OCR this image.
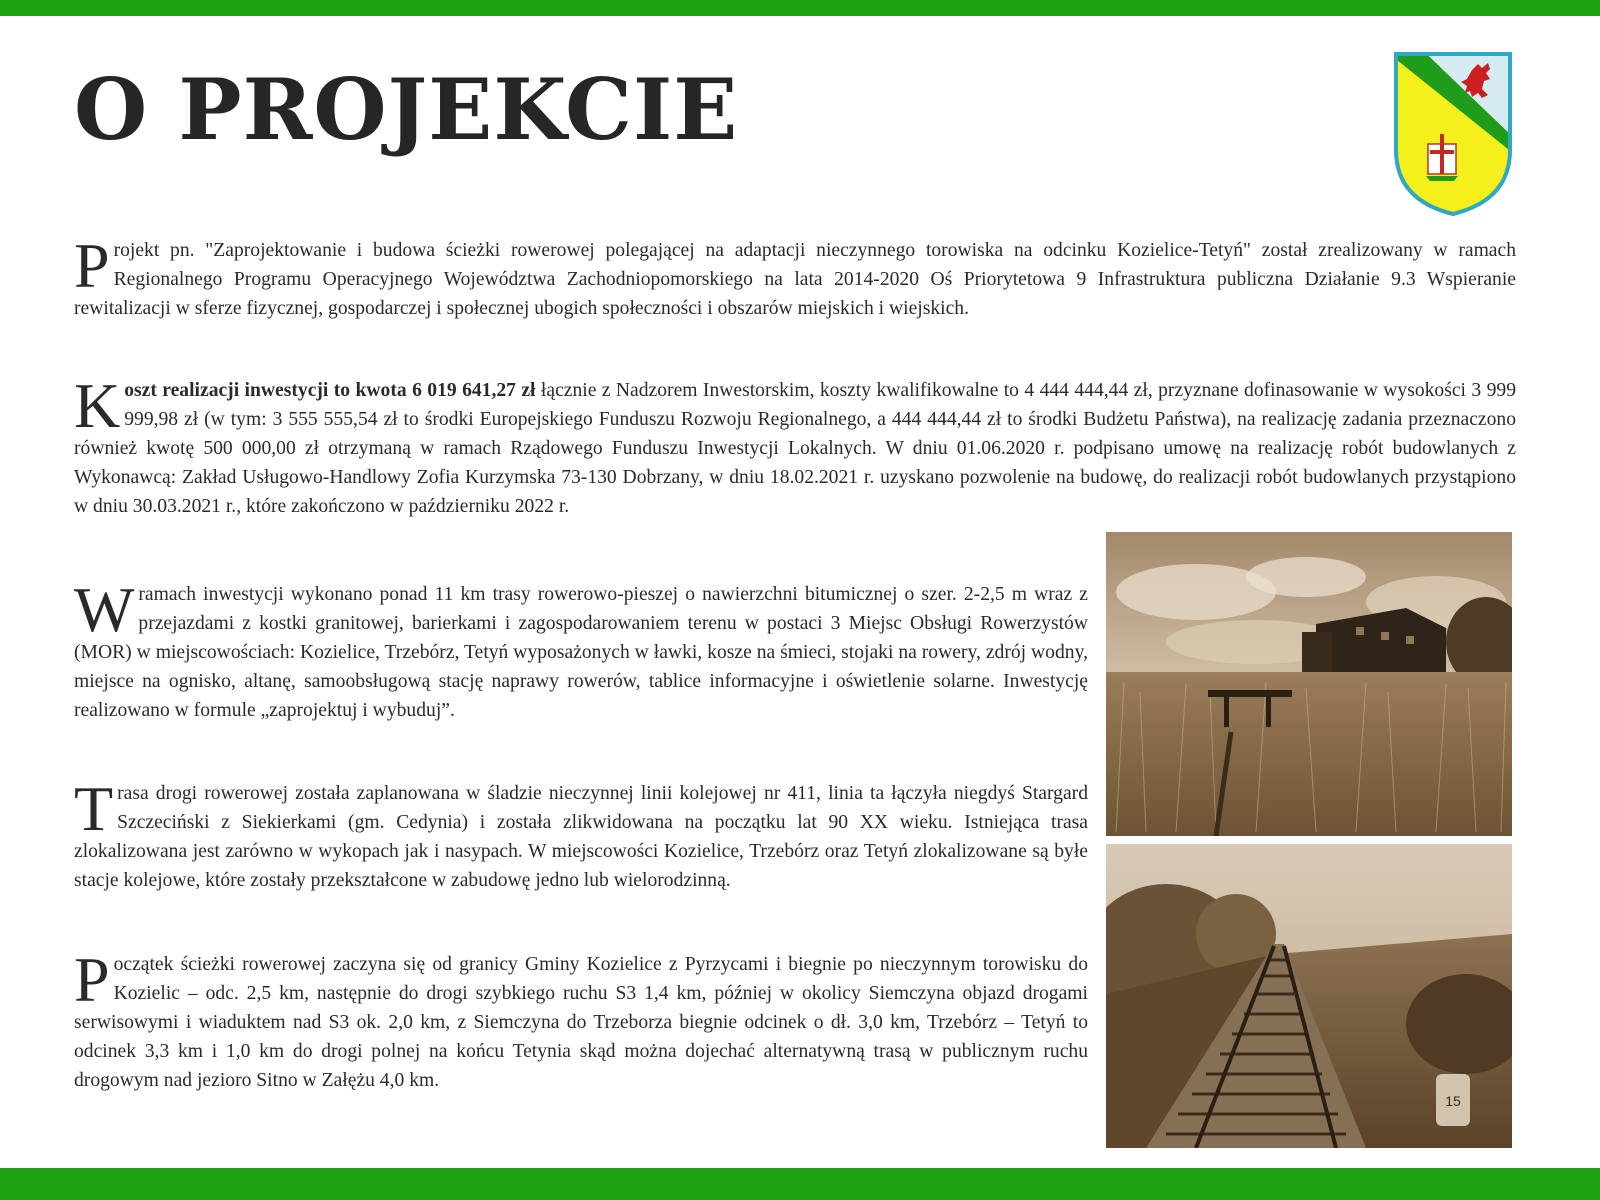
O PROJEKCIE

Projekt pn. "Zaprojektowanie i budowa ścieżki rowerowej polegającej na adaptacji nieczynnego torowiska na odcinku Kozielice-Tetyń" został zrealizowany w ramach Regionalnego Programu Operacyjnego Województwa Zachodniopomorskiego na lata 2014-2020 Oś Priorytetowa 9 Infrastruktura publiczna Działanie 9.3 Wspieranie rewitalizacji w sferze fizycznej, gospodarczej i społecznej ubogich społeczności i obszarów miejskich i wiejskich.

Koszt realizacji inwestycji to kwota 6 019 641,27 zł łącznie z Nadzorem Inwestorskim, koszty kwalifikowalne to 4 444 444,44 zł, przyznane dofinasowanie w wysokości 3 999 999,98 zł (w tym: 3 555 555,54 zł to środki Europejskiego Funduszu Rozwoju Regionalnego, a 444 444,44 zł to środki Budżetu Państwa), na realizację zadania przeznaczono również kwotę 500 000,00 zł otrzymaną w ramach Rządowego Funduszu Inwestycji Lokalnych. W dniu 01.06.2020 r. podpisano umowę na realizację robót budowlanych z Wykonawcą: Zakład Usługowo-Handlowy Zofia Kurzymska 73-130 Dobrzany, w dniu 18.02.2021 r. uzyskano pozwolenie na budowę, do realizacji robót budowlanych przystąpiono w dniu 30.03.2021 r., które zakończono w październiku 2022 r.

W ramach inwestycji wykonano ponad 11 km trasy rowerowo-pieszej o nawierzchni bitumicznej o szer. 2-2,5 m wraz z przejazdami z kostki granitowej, barierkami i zagospodarowaniem terenu w postaci 3 Miejsc Obsługi Rowerzystów (MOR) w miejscowościach: Kozielice, Trzebórz, Tetyń wyposażonych w ławki, kosze na śmieci, stojaki na rowery, zdrój wodny, miejsce na ognisko, altanę, samoobsługową stację naprawy rowerów, tablice informacyjne i oświetlenie solarne. Inwestycję realizowano w formule „zaprojektuj i wybuduj”.

Trasa drogi rowerowej została zaplanowana w śladzie nieczynnej linii kolejowej nr 411, linia ta łączyła niegdyś Stargard Szczeciński z Siekierkami (gm. Cedynia) i została zlikwidowana na początku lat 90 XX wieku. Istniejąca trasa zlokalizowana jest zarówno w wykopach jak i nasypach. W miejscowości Kozielice, Trzebórz oraz Tetyń zlokalizowane są byłe stacje kolejowe, które zostały przekształcone w zabudowę jedno lub wielorodzinną.

Początek ścieżki rowerowej zaczyna się od granicy Gminy Kozielice z Pyrzycami i biegnie po nieczynnym torowisku do Kozielic – odc. 2,5 km, następnie do drogi szybkiego ruchu S3 1,4 km, później w okolicy Siemczyna objazd drogami serwisowymi i wiaduktem nad S3 ok. 2,0 km, z Siemczyna do Trzeborza biegnie odcinek o dł. 3,0 km, Trzebórz – Tetyń to odcinek 3,3 km i 1,0 km do drogi polnej na końcu Tetynia skąd można dojechać alternatywną trasą w publicznym ruchu drogowym nad jezioro Sitno w Załężu 4,0 km.

15
